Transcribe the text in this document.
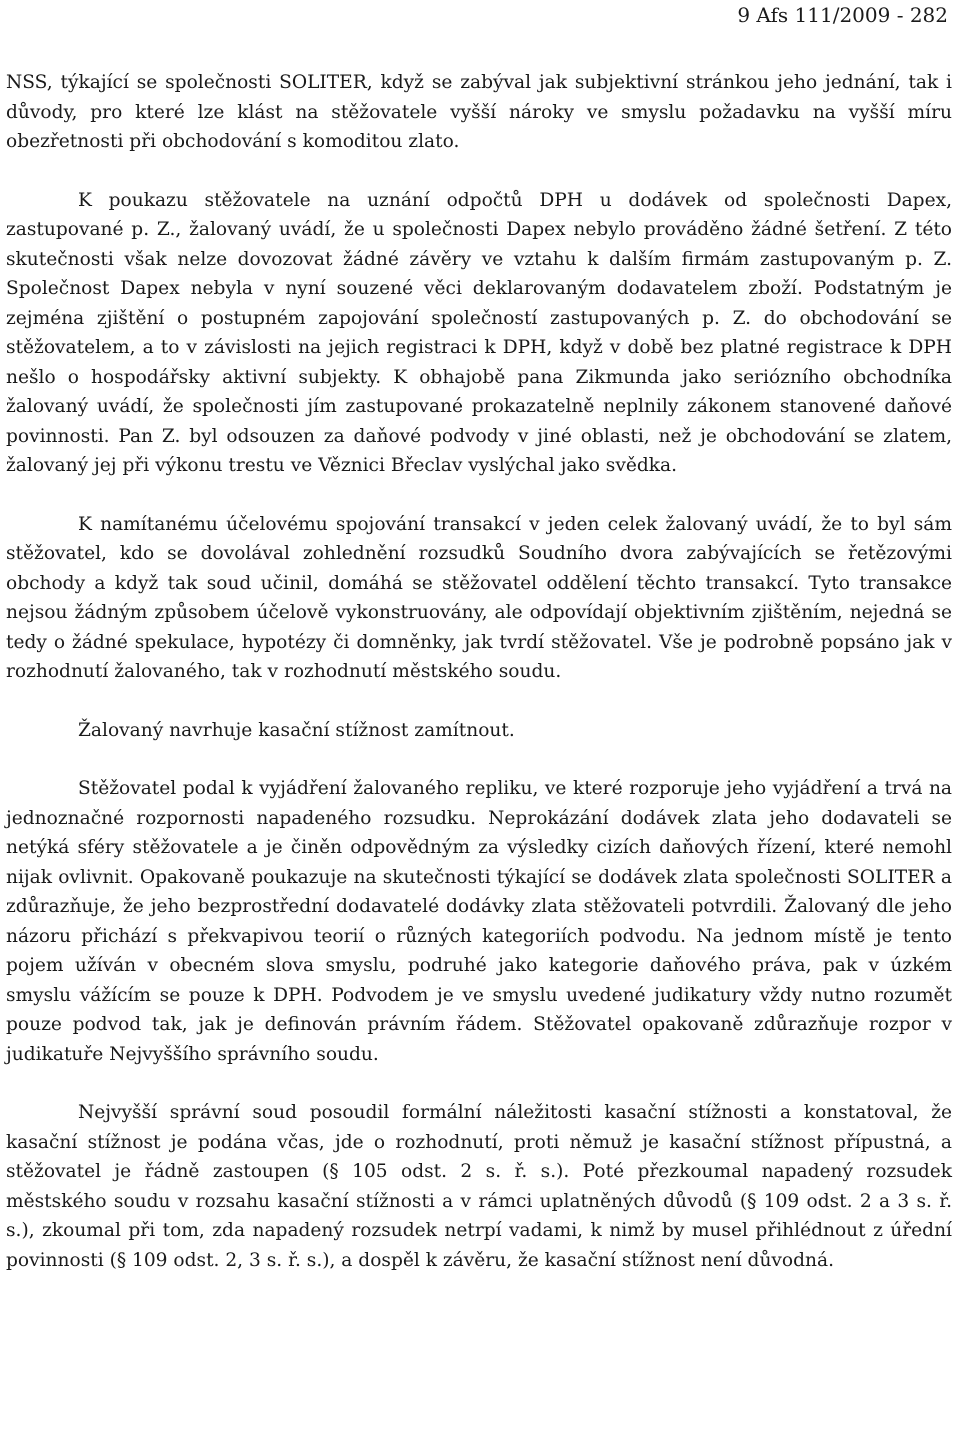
9 Afs 111/2009 - 282

NSS, týkající se společnosti SOLITER, když se zabýval jak subjektivní stránkou jeho jednání, tak i důvody, pro které lze klást na stěžovatele vyšší nároky ve smyslu požadavku na vyšší míru obezřetnosti při obchodování s komoditou zlato.

K poukazu stěžovatele na uznání odpočtů DPH u dodávek od společnosti Dapex, zastupované p. Z., žalovaný uvádí, že u společnosti Dapex nebylo prováděno žádné šetření. Z této skutečnosti však nelze dovozovat žádné závěry ve vztahu k dalším firmám zastupovaným p. Z. Společnost Dapex nebyla v nyní souzené věci deklarovaným dodavatelem zboží. Podstatným je zejména zjištění o postupném zapojování společností zastupovaných p. Z. do obchodování se stěžovatelem, a to v závislosti na jejich registraci k DPH, když v době bez platné registrace k DPH nešlo o hospodářsky aktivní subjekty. K obhajobě pana Zikmunda jako seriózního obchodníka žalovaný uvádí, že společnosti jím zastupované prokazatelně neplnily zákonem stanovené daňové povinnosti. Pan Z. byl odsouzen za daňové podvody v jiné oblasti, než je obchodování se zlatem, žalovaný jej při výkonu trestu ve Věznici Břeclav vyslýchal jako svědka.

K namítanému účelovému spojování transakcí v jeden celek žalovaný uvádí, že to byl sám stěžovatel, kdo se dovolával zohlednění rozsudků Soudního dvora zabývajících se řetězovými obchody a když tak soud učinil, domáhá se stěžovatel oddělení těchto transakcí. Tyto transakce nejsou žádným způsobem účelově vykonstruovány, ale odpovídají objektivním zjištěním, nejedná se tedy o žádné spekulace, hypotézy či domněnky, jak tvrdí stěžovatel. Vše je podrobně popsáno jak v rozhodnutí žalovaného, tak v rozhodnutí městského soudu.

Žalovaný navrhuje kasační stížnost zamítnout.

Stěžovatel podal k vyjádření žalovaného repliku, ve které rozporuje jeho vyjádření a trvá na jednoznačné rozpornosti napadeného rozsudku. Neprokázání dodávek zlata jeho dodavateli se netýká sféry stěžovatele a je činěn odpovědným za výsledky cizích daňových řízení, které nemohl nijak ovlivnit. Opakovaně poukazuje na skutečnosti týkající se dodávek zlata společnosti SOLITER a zdůrazňuje, že jeho bezprostřední dodavatelé dodávky zlata stěžovateli potvrdili. Žalovaný dle jeho názoru přichází s překvapivou teorií o různých kategoriích podvodu. Na jednom místě je tento pojem užíván v obecném slova smyslu, podruhé jako kategorie daňového práva, pak v úzkém smyslu vážícím se pouze k DPH. Podvodem je ve smyslu uvedené judikatury vždy nutno rozumět pouze podvod tak, jak je definován právním řádem. Stěžovatel opakovaně zdůrazňuje rozpor v judikatuře Nejvyššího správního soudu.

Nejvyšší správní soud posoudil formální náležitosti kasační stížnosti a konstatoval, že kasační stížnost je podána včas, jde o rozhodnutí, proti němuž je kasační stížnost přípustná, a stěžovatel je řádně zastoupen (§ 105 odst. 2 s. ř. s.). Poté přezkoumal napadený rozsudek městského soudu v rozsahu kasační stížnosti a v rámci uplatněných důvodů (§ 109 odst. 2 a 3 s. ř. s.), zkoumal při tom, zda napadený rozsudek netrpí vadami, k nimž by musel přihlédnout z úřední povinnosti (§ 109 odst. 2, 3 s. ř. s.), a dospěl k závěru, že kasační stížnost není důvodná.
